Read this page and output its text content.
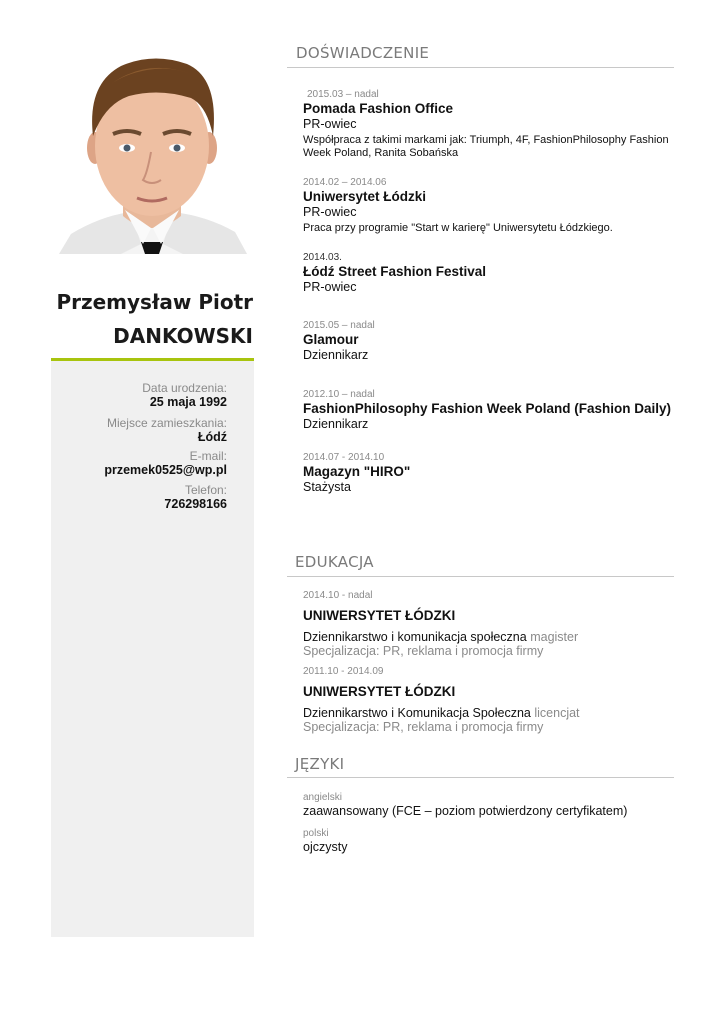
Przemysław Piotr
DANKOWSKI
Data urodzenia:
25 maja 1992
Miejsce zamieszkania:
Łódź
E-mail:
przemek0525@wp.pl
Telefon:
726298166
DOŚWIADCZENIE
2015.03 – nadal
Pomada Fashion Office
PR-owiec
Współpraca z takimi markami jak: Triumph, 4F, FashionPhilosophy Fashion Week Poland, Ranita Sobańska
2014.02 – 2014.06
Uniwersytet Łódzki
PR-owiec
Praca przy programie "Start w karierę" Uniwersytetu Łódzkiego.
2014.03.
Łódź Street Fashion Festival
PR-owiec
2015.05 – nadal
Glamour
Dziennikarz
2012.10 – nadal
FashionPhilosophy Fashion Week Poland (Fashion Daily)
Dziennikarz
2014.07 - 2014.10
Magazyn "HIRO"
Stażysta
EDUKACJA
2014.10 - nadal
UNIWERSYTET ŁÓDZKI
Dziennikarstwo i komunikacja społeczna magister
Specjalizacja: PR, reklama i promocja firmy
2011.10 - 2014.09
UNIWERSYTET ŁÓDZKI
Dziennikarstwo i Komunikacja Społeczna licencjat
Specjalizacja: PR, reklama i promocja firmy
JĘZYKI
angielski
zaawansowany (FCE – poziom potwierdzony certyfikatem)
polski
ojczysty
